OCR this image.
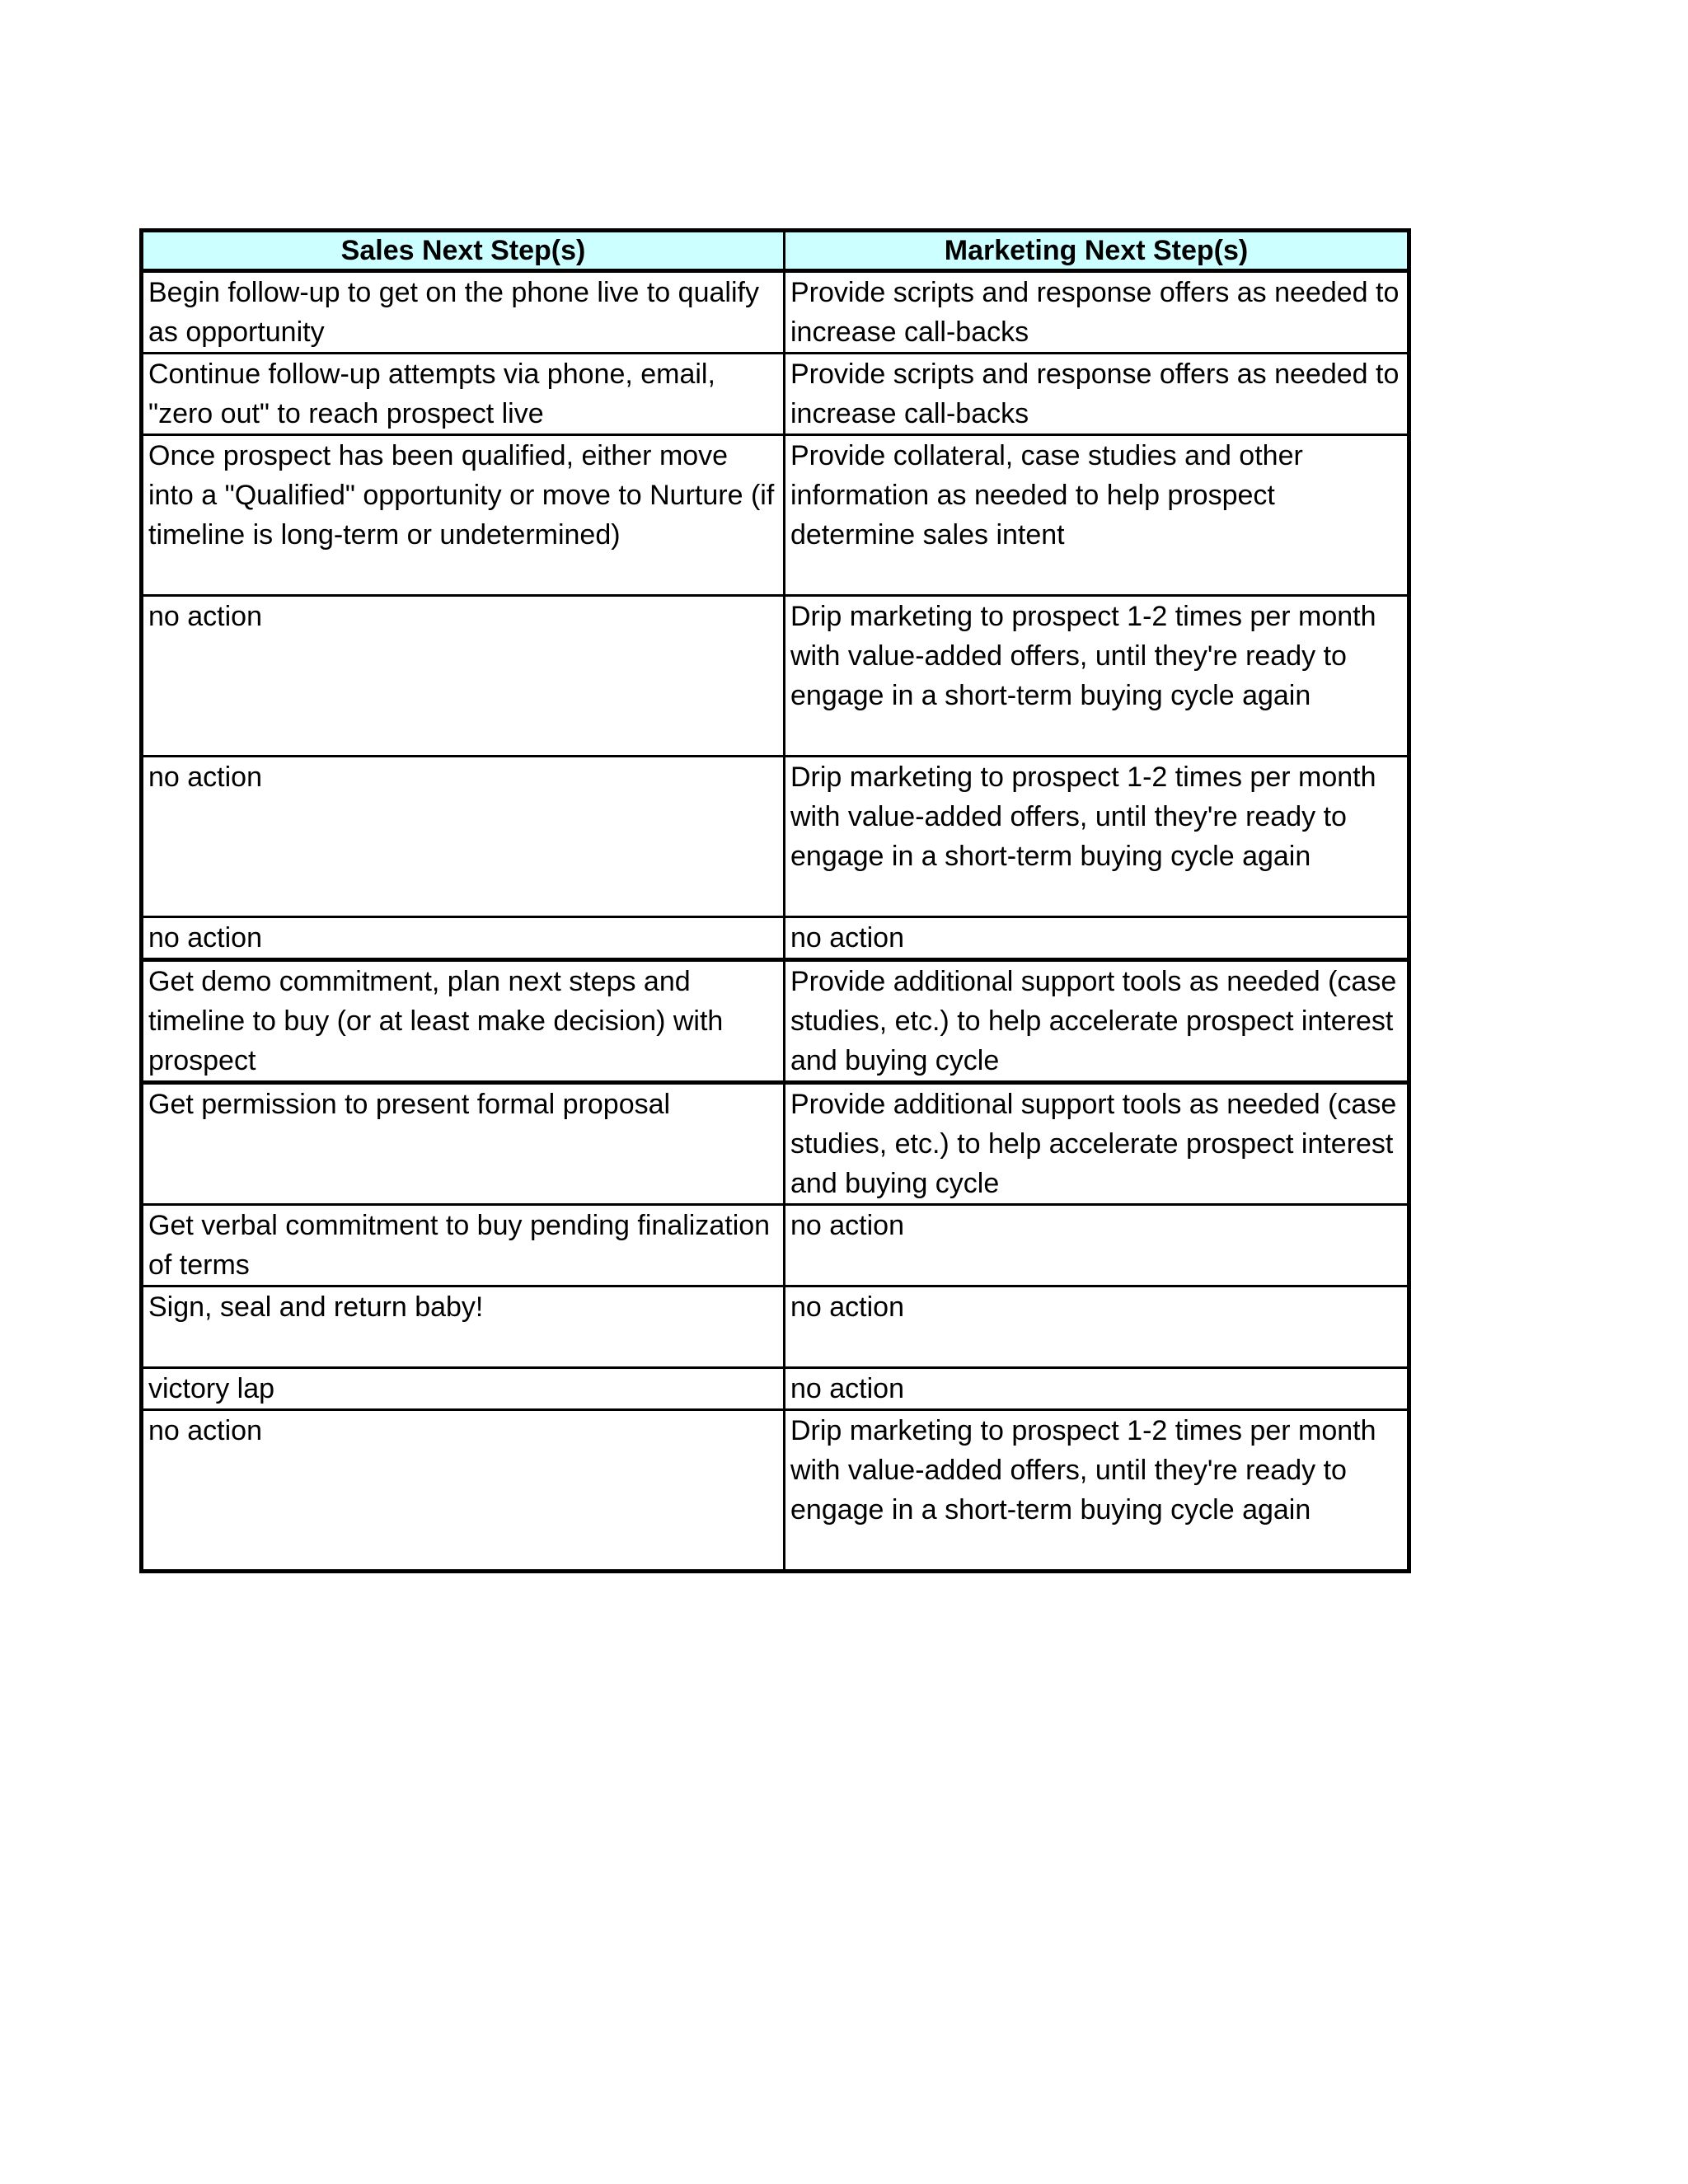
Sales Next Step(s)	Marketing Next Step(s)
Begin follow-up to get on the phone live to qualify as opportunity	Provide scripts and response offers as needed to increase call-backs
Continue follow-up attempts via phone, email, "zero out" to reach prospect live	Provide scripts and response offers as needed to increase call-backs
Once prospect has been qualified, either move into a "Qualified" opportunity or move to Nurture (if timeline is long-term or undetermined)	Provide collateral, case studies and other information as needed to help prospect determine sales intent
no action	Drip marketing to prospect 1-2 times per month with value-added offers, until they're ready to engage in a short-term buying cycle again
no action	Drip marketing to prospect 1-2 times per month with value-added offers, until they're ready to engage in a short-term buying cycle again
no action	no action
Get demo commitment, plan next steps and timeline to buy (or at least make decision) with prospect	Provide additional support tools as needed (case studies, etc.) to help accelerate prospect interest and buying cycle
Get permission to present formal proposal	Provide additional support tools as needed (case studies, etc.) to help accelerate prospect interest and buying cycle
Get verbal commitment to buy pending finalization of terms	no action
Sign, seal and return baby!	no action
victory lap	no action
no action	Drip marketing to prospect 1-2 times per month with value-added offers, until they're ready to engage in a short-term buying cycle again
